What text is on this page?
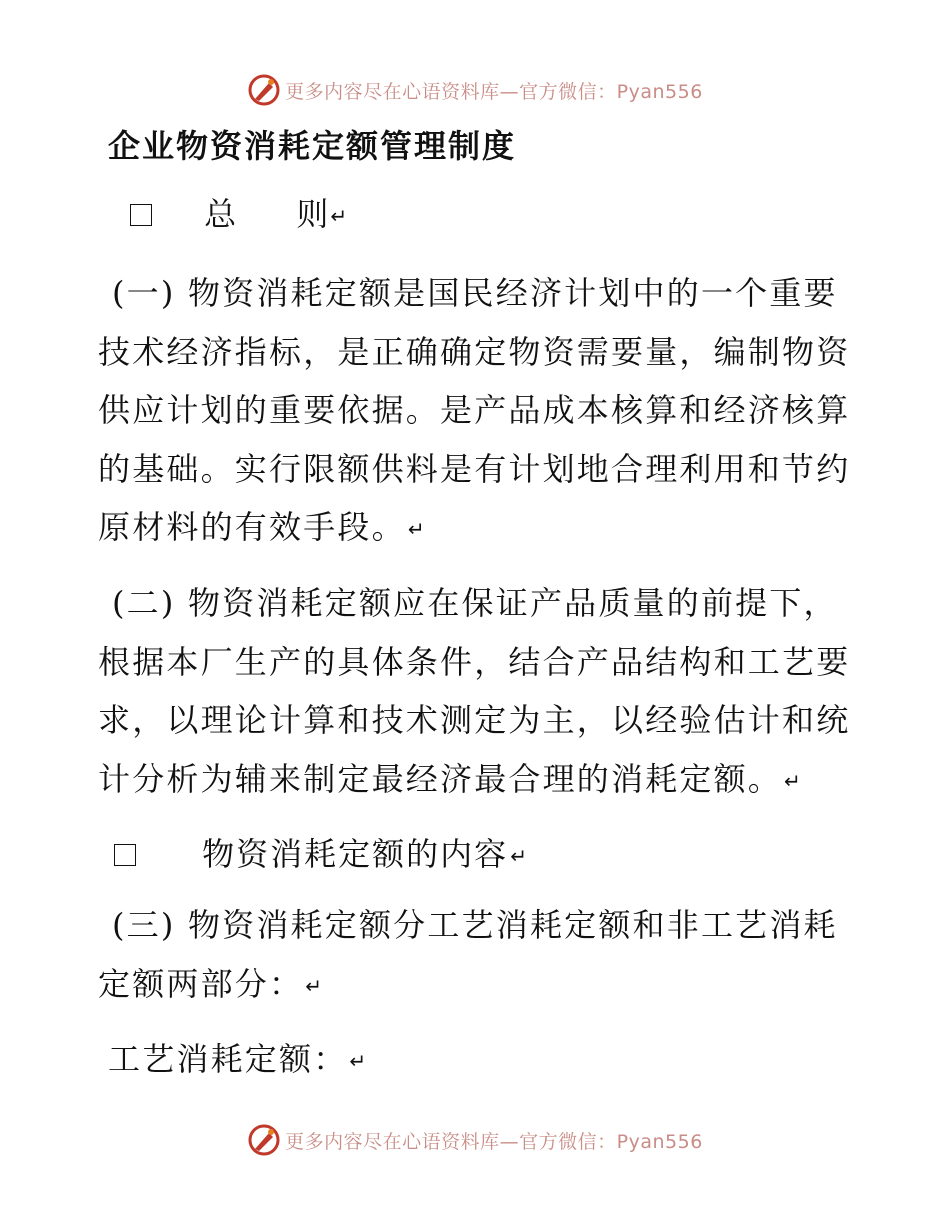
更多内容尽在心语资料库—官方微信：Pyan556
企业物资消耗定额管理制度
总 则 ↵ ↵
(一) 物资消耗定额是国民经济计划中的一个重要
技术经济指标，是正确确定物资需要量，编制物资
供应计划的重要依据。是产品成本核算和经济核算
的基础。实行限额供料是有计划地合理利用和节约
原材料的有效手段。 ↵ ↵
(二) 物资消耗定额应在保证产品质量的前提下，
根据本厂生产的具体条件，结合产品结构和工艺要
求，以理论计算和技术测定为主，以经验估计和统
计分析为辅来制定最经济最合理的消耗定额。 ↵ ↵
物资消耗定额的内容 ↵ ↵
(三) 物资消耗定额分工艺消耗定额和非工艺消耗
定额两部分： ↵ ↵
工艺消耗定额： ↵ ↵
更多内容尽在心语资料库—官方微信：Pyan556
